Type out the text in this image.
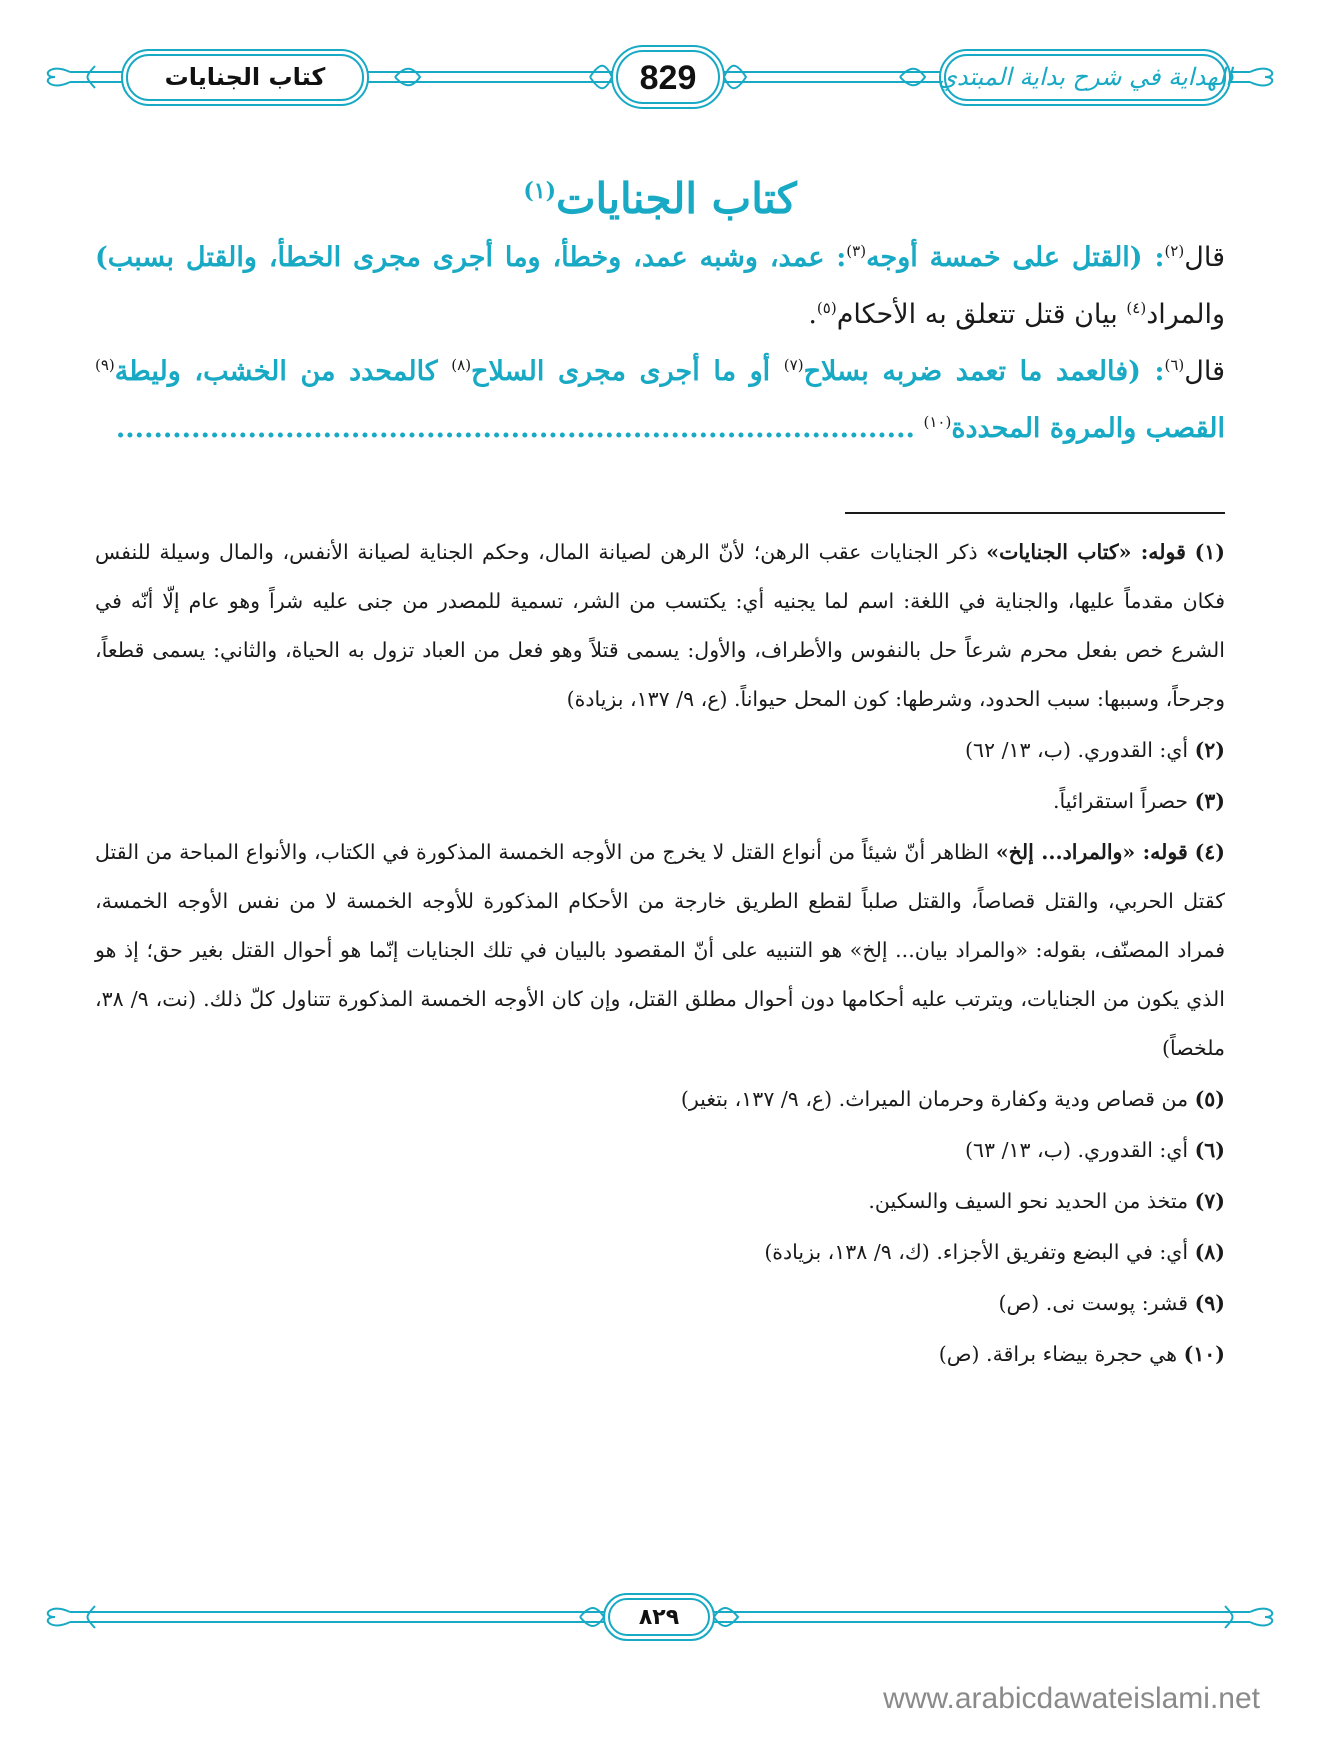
كتاب الجنايات	829	الهداية في شرح بداية المبتدي
كتاب الجنايات$^{(١)}$

قال$^{(٢)}$: (القتل على خمسة أوجه$^{(٣)}$: عمد، وشبه عمد، وخطأ، وما أجرى مجرى الخطأ، والقتل بسبب) والمراد$^{(٤)}$ بيان قتل تتعلق به الأحكام$^{(٥)}$.

قال$^{(٦)}$: (فالعمد ما تعمد ضربه بسلاح$^{(٧)}$ أو ما أجرى مجرى السلاح$^{(٨)}$ كالمحدد من الخشب، وليطة$^{(٩)}$ القصب والمروة المحددة$^{(١٠)}$ .....................................................................................

(١) قوله: «كتاب الجنايات» ذكر الجنايات عقب الرهن؛ لأنّ الرهن لصيانة المال، وحكم الجناية لصيانة الأنفس، والمال وسيلة للنفس فكان مقدماً عليها، والجناية في اللغة: اسم لما يجنيه أي: يكتسب من الشر، تسمية للمصدر من جنى عليه شراً وهو عام إلّا أنّه في الشرع خص بفعل محرم شرعاً حل بالنفوس والأطراف، والأول: يسمى قتلاً وهو فعل من العباد تزول به الحياة، والثاني: يسمى قطعاً، وجرحاً، وسببها: سبب الحدود، وشرطها: كون المحل حيواناً. (ع، ٩/ ١٣٧، بزيادة)

(٢) أي: القدوري. (ب، ١٣/ ٦٢)

(٣) حصراً استقرائياً.

(٤) قوله: «والمراد... إلخ» الظاهر أنّ شيئاً من أنواع القتل لا يخرج من الأوجه الخمسة المذكورة في الكتاب، والأنواع المباحة من القتل كقتل الحربي، والقتل قصاصاً، والقتل صلباً لقطع الطريق خارجة من الأحكام المذكورة للأوجه الخمسة لا من نفس الأوجه الخمسة، فمراد المصنّف، بقوله: «والمراد بيان... إلخ» هو التنبيه على أنّ المقصود بالبيان في تلك الجنايات إنّما هو أحوال القتل بغير حق؛ إذ هو الذي يكون من الجنايات، ويترتب عليه أحكامها دون أحوال مطلق القتل، وإن كان الأوجه الخمسة المذكورة تتناول كلّ ذلك. (نت، ٩/ ٣٨، ملخصاً)

(٥) من قصاص ودية وكفارة وحرمان الميراث. (ع، ٩/ ١٣٧، بتغير)

(٦) أي: القدوري. (ب، ١٣/ ٦٣)

(٧) متخذ من الحديد نحو السيف والسكين.

(٨) أي: في البضع وتفريق الأجزاء. (ك، ٩/ ١٣٨، بزيادة)

(٩) قشر: پوست نى. (ص)

(١٠) هي حجرة بيضاء براقة. (ص)

٨٢٩
www.arabicdawateislami.net
